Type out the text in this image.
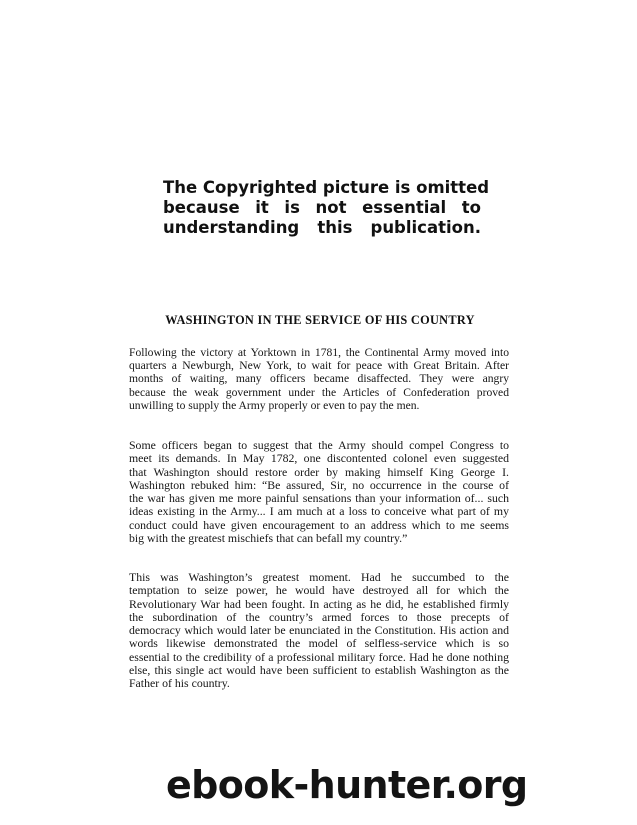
The Copyrighted picture is omitted

because it is not essential to

understanding this publication.

WASHINGTON IN THE SERVICE OF HIS COUNTRY

Following the victory at Yorktown in 1781, the Continental Army moved into
quarters a Newburgh, New York, to wait for peace with Great Britain. After
months of waiting, many officers became disaffected. They were angry
because the weak government under the Articles of Confederation proved
unwilling to supply the Army properly or even to pay the men.

Some officers began to suggest that the Army should compel Congress to
meet its demands. In May 1782, one discontented colonel even suggested
that Washington should restore order by making himself King George I.
Washington rebuked him: “Be assured, Sir, no occurrence in the course of
the war has given me more painful sensations than your information of... such
ideas existing in the Army... I am much at a loss to conceive what part of my
conduct could have given encouragement to an address which to me seems
big with the greatest mischiefs that can befall my country.”

This was Washington’s greatest moment. Had he succumbed to the
temptation to seize power, he would have destroyed all for which the
Revolutionary War had been fought. In acting as he did, he established firmly
the subordination of the country’s armed forces to those precepts of
democracy which would later be enunciated in the Constitution. His action and
words likewise demonstrated the model of selfless-service which is so
essential to the credibility of a professional military force. Had he done nothing
else, this single act would have been sufficient to establish Washington as the
Father of his country.

ebook-hunter.org
